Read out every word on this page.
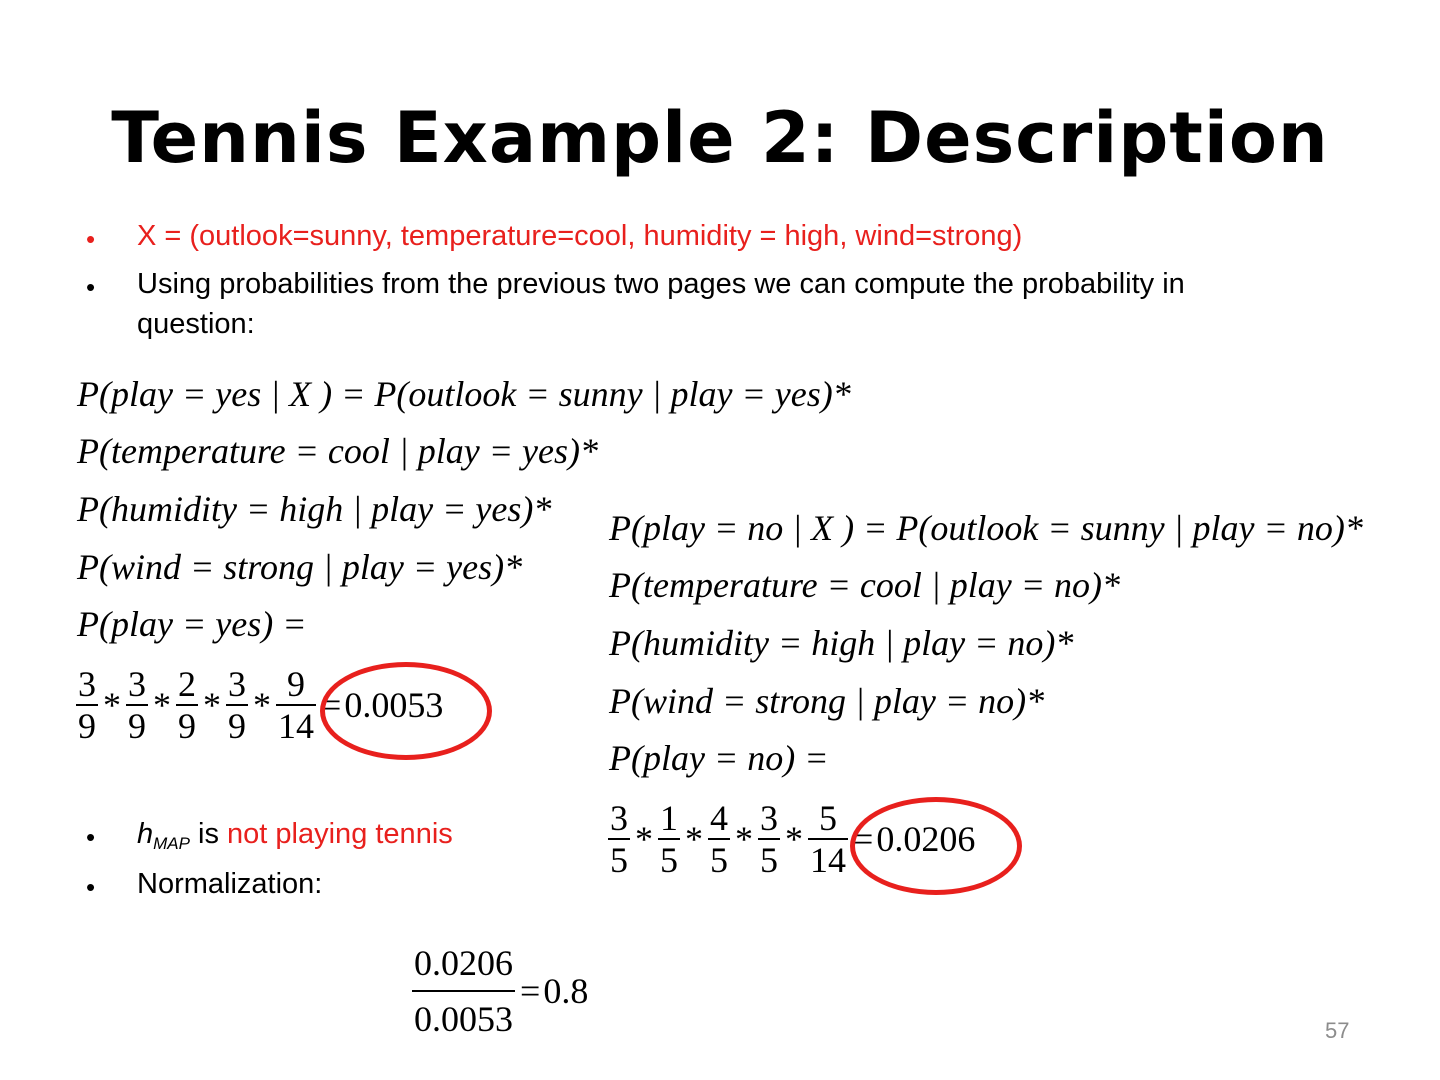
Tennis Example 2: Description
• X = (outlook=sunny, temperature=cool, humidity = high, wind=strong)
• Using probabilities from the previous two pages we can compute the probability in
question:
P(play = yes | X ) = P(outlook = sunny | play = yes)*
P(temperature = cool | play = yes)*
P(humidity = high | play = yes)*
P(wind = strong | play = yes)*
P(play = yes) =
$\frac{3}{9} * \frac{3}{9} * \frac{2}{9} * \frac{3}{9} * \frac{9}{14} = 0.0053$
P(play = no | X ) = P(outlook = sunny | play = no)*
P(temperature = cool | play = no)*
P(humidity = high | play = no)*
P(wind = strong | play = no)*
P(play = no) =
$\frac{3}{5} * \frac{1}{5} * \frac{4}{5} * \frac{3}{5} * \frac{5}{14} = 0.0206$
• $h_{MAP}$ is not playing tennis
• Normalization:
$\frac{0.0206}{0.0053} = 0.8$
57
